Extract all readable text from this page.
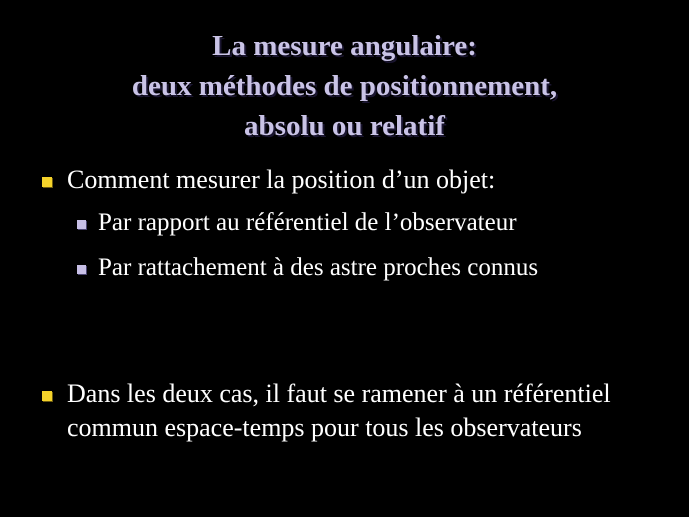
La mesure angulaire:
deux méthodes de positionnement,
absolu ou relatif
Comment mesurer la position d’un objet:
Par rapport au référentiel de l’observateur
Par rattachement à des astre proches connus
Dans les deux cas, il faut se ramener à un référentiel commun espace-temps pour tous les observateurs
